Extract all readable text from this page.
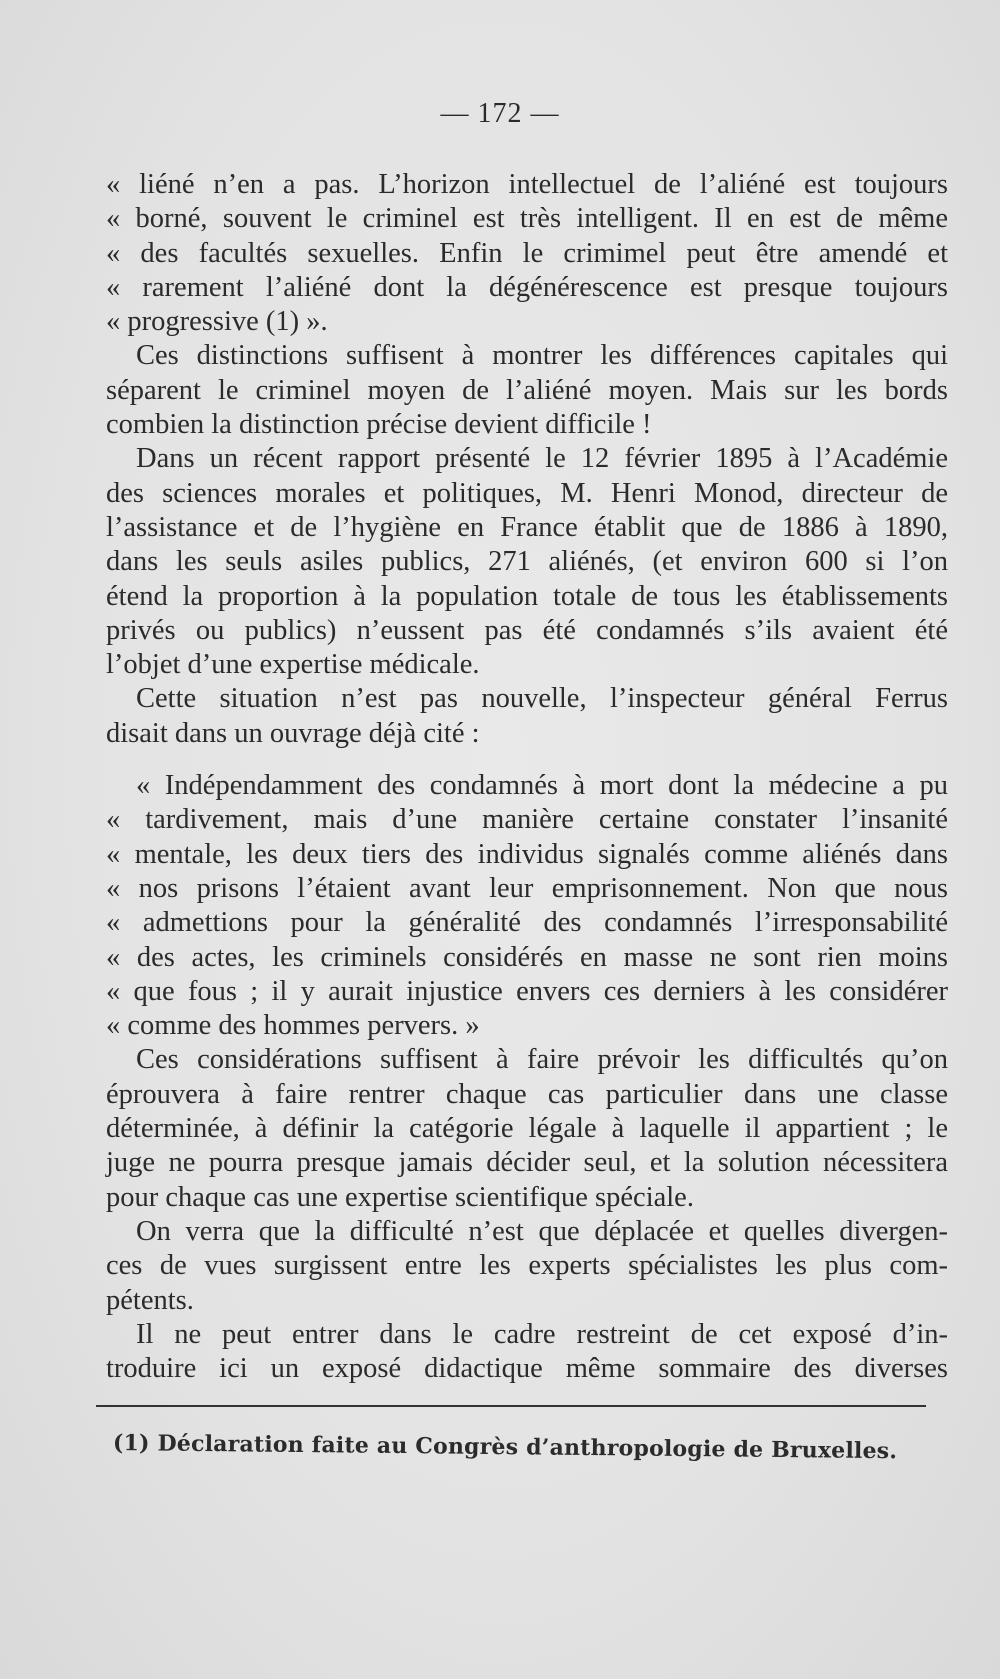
— 172 —
« liéné n’en a pas. L’horizon intellectuel de l’aliéné est toujours
« borné, souvent le criminel est très intelligent. Il en est de même
« des facultés sexuelles. Enfin le crimimel peut être amendé et
« rarement l’aliéné dont la dégénérescence est presque toujours
« progressive (1) ».
Ces distinctions suffisent à montrer les différences capitales qui
séparent le criminel moyen de l’aliéné moyen. Mais sur les bords
combien la distinction précise devient difficile !
Dans un récent rapport présenté le 12 février 1895 à l’Académie
des sciences morales et politiques, M. Henri Monod, directeur de
l’assistance et de l’hygiène en France établit que de 1886 à 1890,
dans les seuls asiles publics, 271 aliénés, (et environ 600 si l’on
étend la proportion à la population totale de tous les établissements
privés ou publics) n’eussent pas été condamnés s’ils avaient été
l’objet d’une expertise médicale.
Cette situation n’est pas nouvelle, l’inspecteur général Ferrus
disait dans un ouvrage déjà cité :
« Indépendamment des condamnés à mort dont la médecine a pu
« tardivement, mais d’une manière certaine constater l’insanité
« mentale, les deux tiers des individus signalés comme aliénés dans
« nos prisons l’étaient avant leur emprisonnement. Non que nous
« admettions pour la généralité des condamnés l’irresponsabilité
« des actes, les criminels considérés en masse ne sont rien moins
« que fous ; il y aurait injustice envers ces derniers à les considérer
« comme des hommes pervers. »
Ces considérations suffisent à faire prévoir les difficultés qu’on
éprouvera à faire rentrer chaque cas particulier dans une classe
déterminée, à définir la catégorie légale à laquelle il appartient ; le
juge ne pourra presque jamais décider seul, et la solution nécessitera
pour chaque cas une expertise scientifique spéciale.
On verra que la difficulté n’est que déplacée et quelles divergen-
ces de vues surgissent entre les experts spécialistes les plus com-
pétents.
Il ne peut entrer dans le cadre restreint de cet exposé d’in-
troduire ici un exposé didactique même sommaire des diverses
(1) Déclaration faite au Congrès d’anthropologie de Bruxelles.
